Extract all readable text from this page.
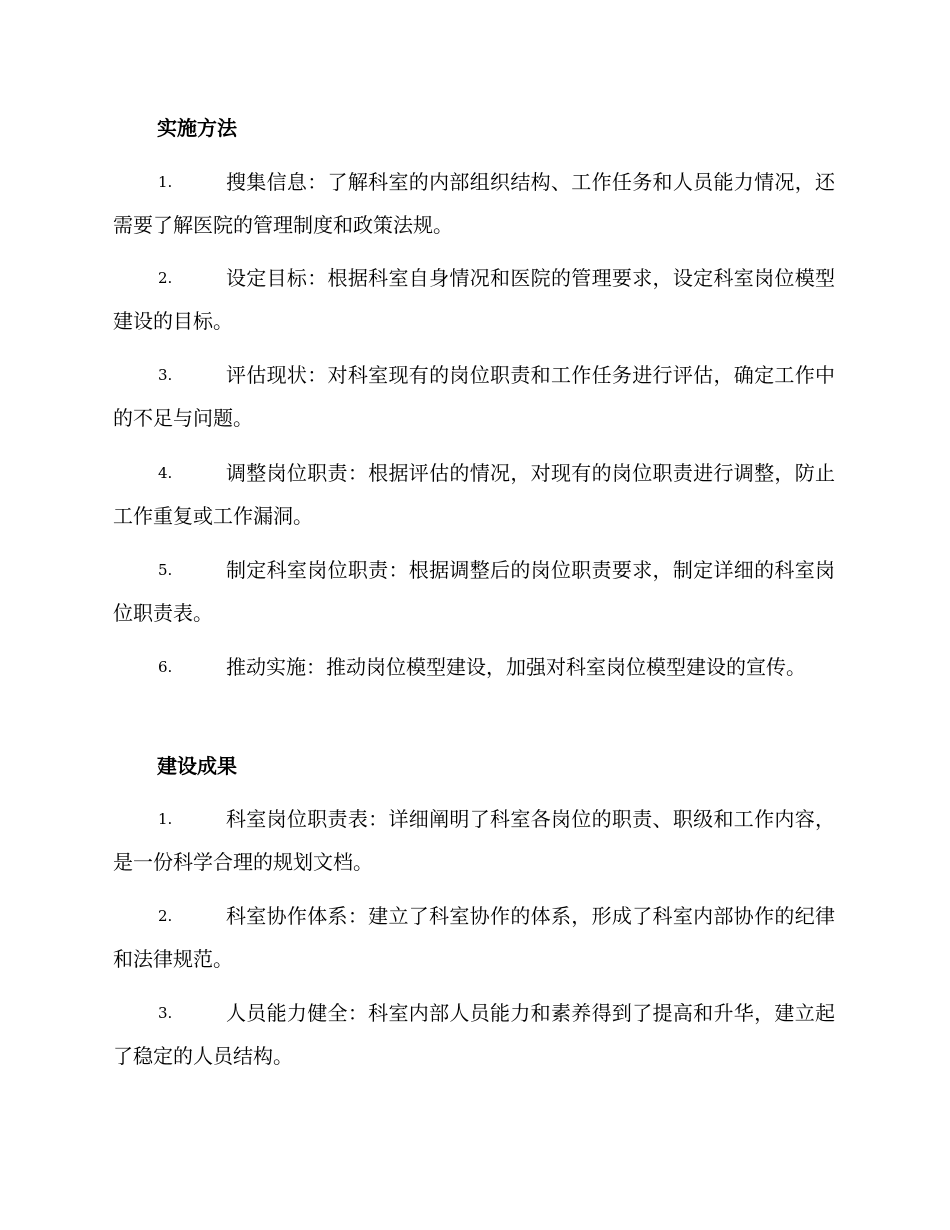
实施方法
1.	搜集信息：了解科室的内部组织结构、工作任务和人员能力情况，还需要了解医院的管理制度和政策法规。
2.	设定目标：根据科室自身情况和医院的管理要求，设定科室岗位模型建设的目标。
3.	评估现状：对科室现有的岗位职责和工作任务进行评估，确定工作中的不足与问题。
4.	调整岗位职责：根据评估的情况，对现有的岗位职责进行调整，防止工作重复或工作漏洞。
5.	制定科室岗位职责：根据调整后的岗位职责要求，制定详细的科室岗位职责表。
6.	推动实施：推动岗位模型建设，加强对科室岗位模型建设的宣传。
建设成果
1.	科室岗位职责表：详细阐明了科室各岗位的职责、职级和工作内容，是一份科学合理的规划文档。
2.	科室协作体系：建立了科室协作的体系，形成了科室内部协作的纪律和法律规范。
3.	人员能力健全：科室内部人员能力和素养得到了提高和升华，建立起了稳定的人员结构。
